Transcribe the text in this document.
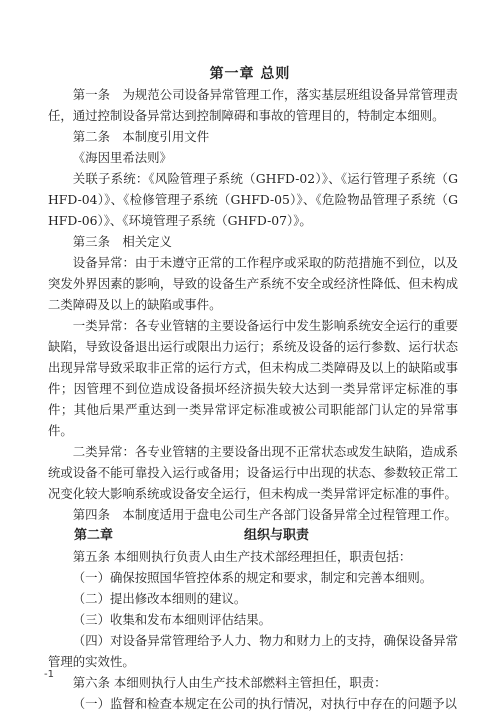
第一章 总则

第一条　为规范公司设备异常管理工作，落实基层班组设备异常管理责任，通过控制设备异常达到控制障碍和事故的管理目的，特制定本细则。

第二条　本制度引用文件

《海因里希法则》

关联子系统：《风险管理子系统（GHFD-02）》、《运行管理子系统（GHFD-04）》、《检修管理子系统（GHFD-05）》、《危险物品管理子系统（GHFD-06）》、《环境管理子系统（GHFD-07）》。

第三条　相关定义

设备异常：由于未遵守正常的工作程序或采取的防范措施不到位，以及突发外界因素的影响，导致的设备生产系统不安全或经济性降低、但未构成二类障碍及以上的缺陷或事件。

一类异常：各专业管辖的主要设备运行中发生影响系统安全运行的重要缺陷，导致设备退出运行或限出力运行；系统及设备的运行参数、运行状态出现异常导致采取非正常的运行方式，但未构成二类障碍及以上的缺陷或事件；因管理不到位造成设备损坏经济损失较大达到一类异常评定标准的事件；其他后果严重达到一类异常评定标准或被公司职能部门认定的异常事件。

二类异常：各专业管辖的主要设备出现不正常状态或发生缺陷，造成系统或设备不能可靠投入运行或备用；设备运行中出现的状态、参数较正常工况变化较大影响系统或设备安全运行，但未构成一类异常评定标准的事件。

第四条　本制度适用于盘电公司生产各部门设备异常全过程管理工作。

第二章	组织与职责

第五条 本细则执行负责人由生产技术部经理担任，职责包括：

（一）确保按照国华管控体系的规定和要求，制定和完善本细则。

（二）提出修改本细则的建议。

（三）收集和发布本细则评估结果。

（四）对设备异常管理给予人力、物力和财力上的支持，确保设备异常管理的实效性。

第六条 本细则执行人由生产技术部燃料主管担任，职责：

（一）监督和检查本规定在公司的执行情况，对执行中存在的问题予以

-1
